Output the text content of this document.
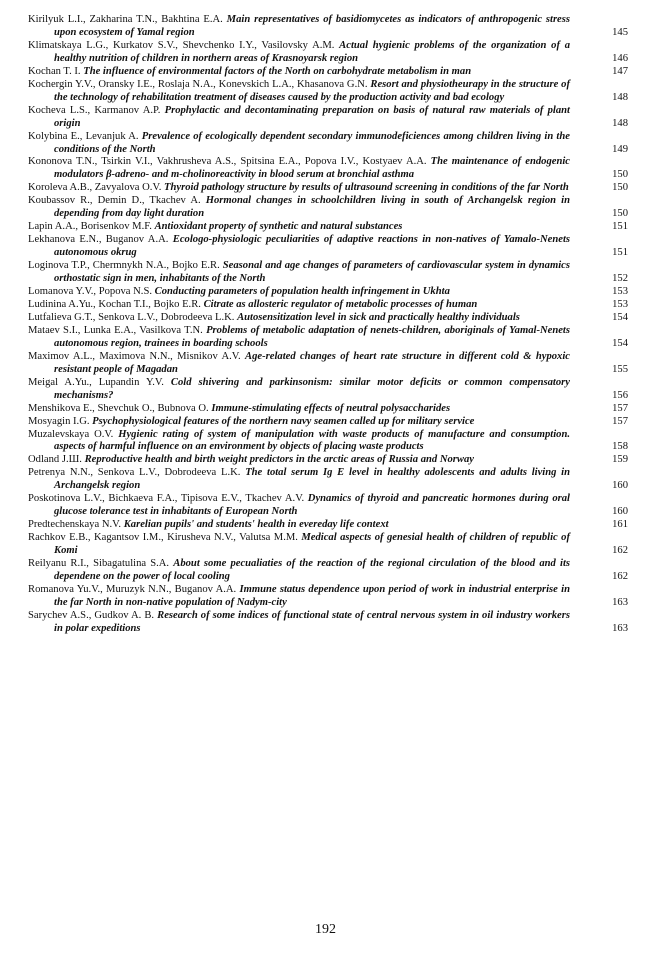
Kirilyuk L.I., Zakharina T.N., Bakhtina E.A. Main representatives of basidiomycetes as indicators of anthropogenic stress upon ecosystem of Yamal region	145

Klimatskaya L.G., Kurkatov S.V., Shevchenko I.Y., Vasilovsky A.M. Actual hygienic problems of the organization of a healthy nutrition of children in northern areas of Krasnoyarsk region	146

Kochan T. I. The influence of environmental factors of the North on carbohydrate metabolism in man	147

Kochergin Y.V., Oransky I.E., Roslaja N.A., Konevskich L.A., Khasanova G.N. Resort and physiotheurapy in the structure of the technology of rehabilitation treatment of diseases caused by the production activity and bad ecology	148

Kocheva L.S., Karmanov A.P. Prophylactic and decontaminating preparation on basis of natural raw materials of plant origin	148

Kolybina E., Levanjuk A. Prevalence of ecologically dependent secondary immunodeficiences among children living in the conditions of the North	149

Kononova T.N., Tsirkin V.I., Vakhrusheva A.S., Spitsina E.A., Popova I.V., Kostyaev A.A. The maintenance of endogenic modulators β-adreno- and m-cholinoreactivity in blood serum at bronchial asthma	150

Koroleva A.B., Zavyalova O.V. Thyroid pathology structure by results of ultrasound screening in conditions of the far North	150

Koubassov R., Demin D., Tkachev A. Hormonal changes in schoolchildren living in south of Archangelsk region in depending from day light duration	150

Lapin A.A., Borisenkov M.F. Antioxidant property of synthetic and natural substances	151

Lekhanova E.N., Buganov A.A. Ecologo-physiologic peculiarities of adaptive reactions in non-natives of Yamalo-Nenets autonomous okrug	151

Loginova T.P., Chermnykh N.A., Bojko E.R. Seasonal and age changes of parameters of cardiovascular system in dynamics orthostatic sign in men, inhabitants of the North	152

Lomanova Y.V., Popova N.S. Conducting parameters of population health infringement in Ukhta	153

Ludinina A.Yu., Kochan T.I., Bojko E.R. Citrate as allosteric regulator of metabolic processes of human	153

Lutfalieva G.T., Senkova L.V., Dobrodeeva L.K. Autosensitization level in sick and practically healthy individuals	154

Mataev S.I., Lunka E.A., Vasilkova T.N. Problems of metabolic adaptation of nenets-children, aboriginals of Yamal-Nenets autonomous region, trainees in boarding schools	154

Maximov A.L., Maximova N.N., Misnikov A.V. Age-related changes of heart rate structure in different cold & hypoxic resistant people of Magadan	155

Meigal A.Yu., Lupandin Y.V. Cold shivering and parkinsonism: similar motor deficits or common compensatory mechanisms?	156

Menshikova E., Shevchuk O., Bubnova O. Immune-stimulating effects of neutral polysaccharides	157

Mosyagin I.G. Psychophysiological features of the northern navy seamen called up for military service	157

Muzalevskaya O.V. Hygienic rating of system of manipulation with waste products of manufacture and consumption. aspects of harmful influence on an environment by objects of placing waste products	158

Odland J.Ш. Reproductive health and birth weight predictors in the arctic areas of Russia and Norway	159

Petrenya N.N., Senkova L.V., Dobrodeeva L.K. The total serum Ig E level in healthy adolescents and adults living in Archangelsk region	160

Poskotinova L.V., Bichkaeva F.A., Tipisova E.V., Tkachev A.V. Dynamics of thyroid and pancreatic hormones during oral glucose tolerance test in inhabitants of European North	160

Predtechenskaya N.V. Karelian pupils' and students' health in evereday life context	161

Rachkov E.B., Kagantsov I.M., Kirusheva N.V., Valutsa M.M. Medical aspects of genesial health of children of republic of Komi	162

Reilyanu R.I., Sibagatulina S.A. About some pecualiaties of the reaction of the regional circulation of the blood and its dependene on the power of local cooling	162

Romanova Yu.V., Muruzyk N.N., Buganov A.A. Immune status dependence upon period of work in industrial enterprise in the far North in non-native population of Nadym-city	163

Sarychev A.S., Gudkov A. B. Research of some indices of functional state of central nervous system in oil industry workers in polar expeditions	163

192
